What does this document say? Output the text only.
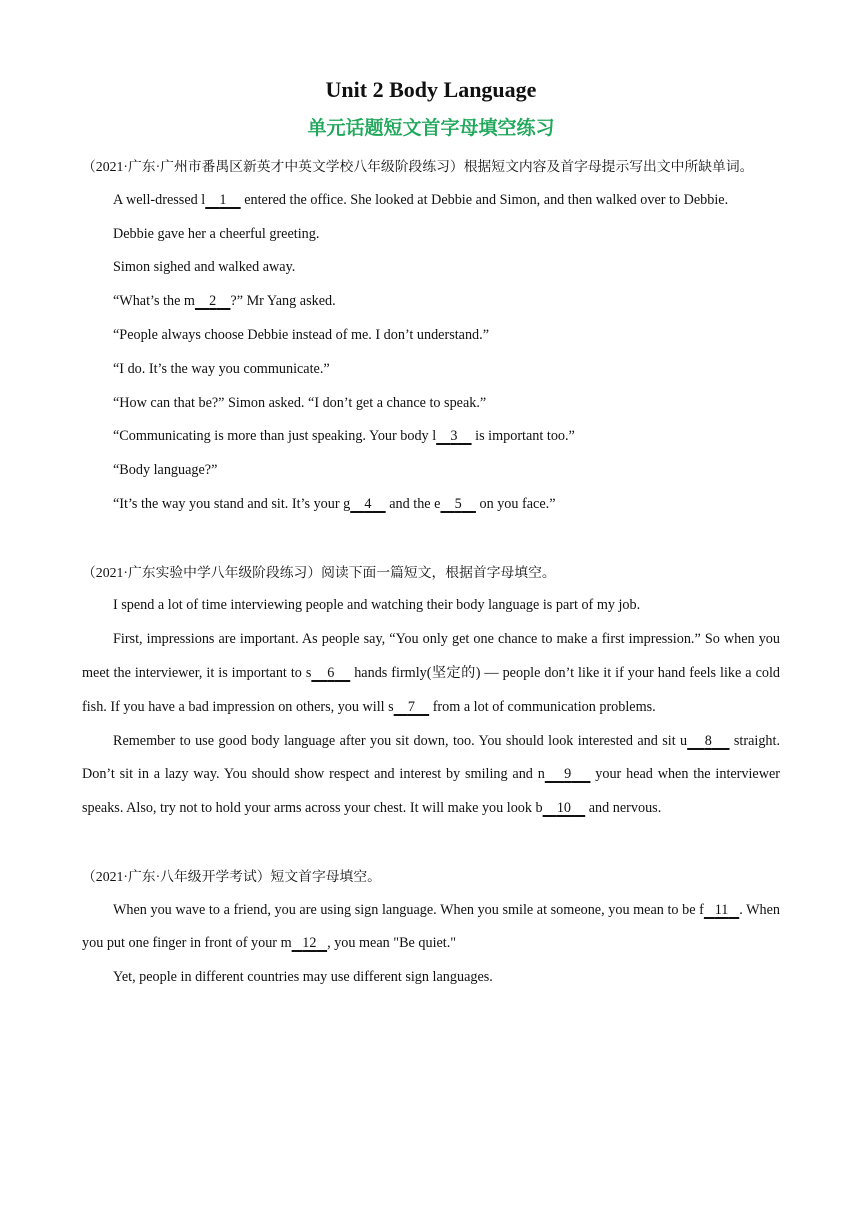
Unit 2 Body Language
单元话题短文首字母填空练习

（2021·广东·广州市番禺区新英才中英文学校八年级阶段练习）根据短文内容及首字母提示写出文中所缺单词。

A well-dressed l 1     entered the office. She looked at Debbie and Simon, and then walked over to Debbie.

Debbie gave her a cheerful greeting.

Simon sighed and walked away.

“What’s the m 2 ?” Mr Yang asked.

“People always choose Debbie instead of me. I don’t understand.”

“I do. It’s the way you communicate.”

“How can that be?” Simon asked. “I don’t get a chance to speak.”

“Communicating is more than just speaking. Your body l 3     is important too.”

“Body language?”

“It’s the way you stand and sit. It’s your g 4     and the e 5     on you face.”

（2021·广东实验中学八年级阶段练习）阅读下面一篇短文，根据首字母填空。

I spend a lot of time interviewing people and watching their body language is part of my job.

First, impressions are important. As people say, “You only get one chance to make a first impression.” So when you meet the interviewer, it is important to s 6     hands firmly(坚定的) — people don’t like it if your hand feels like a cold fish. If you have a bad impression on others, you will s 7     from a lot of communication problems.

Remember to use good body language after you sit down, too. You should look interested and sit u 8     straight. Don’t sit in a lazy way. You should show respect and interest by smiling and n 9     your head when the interviewer speaks. Also, try not to hold your arms across your chest. It will make you look b 10     and nervous.

（2021·广东·八年级开学考试）短文首字母填空。

When you wave to a friend, you are using sign language. When you smile at someone, you mean to be f 11 . When you put one finger in front of your m 12 , you mean "Be quiet."

Yet, people in different countries may use different sign languages.
